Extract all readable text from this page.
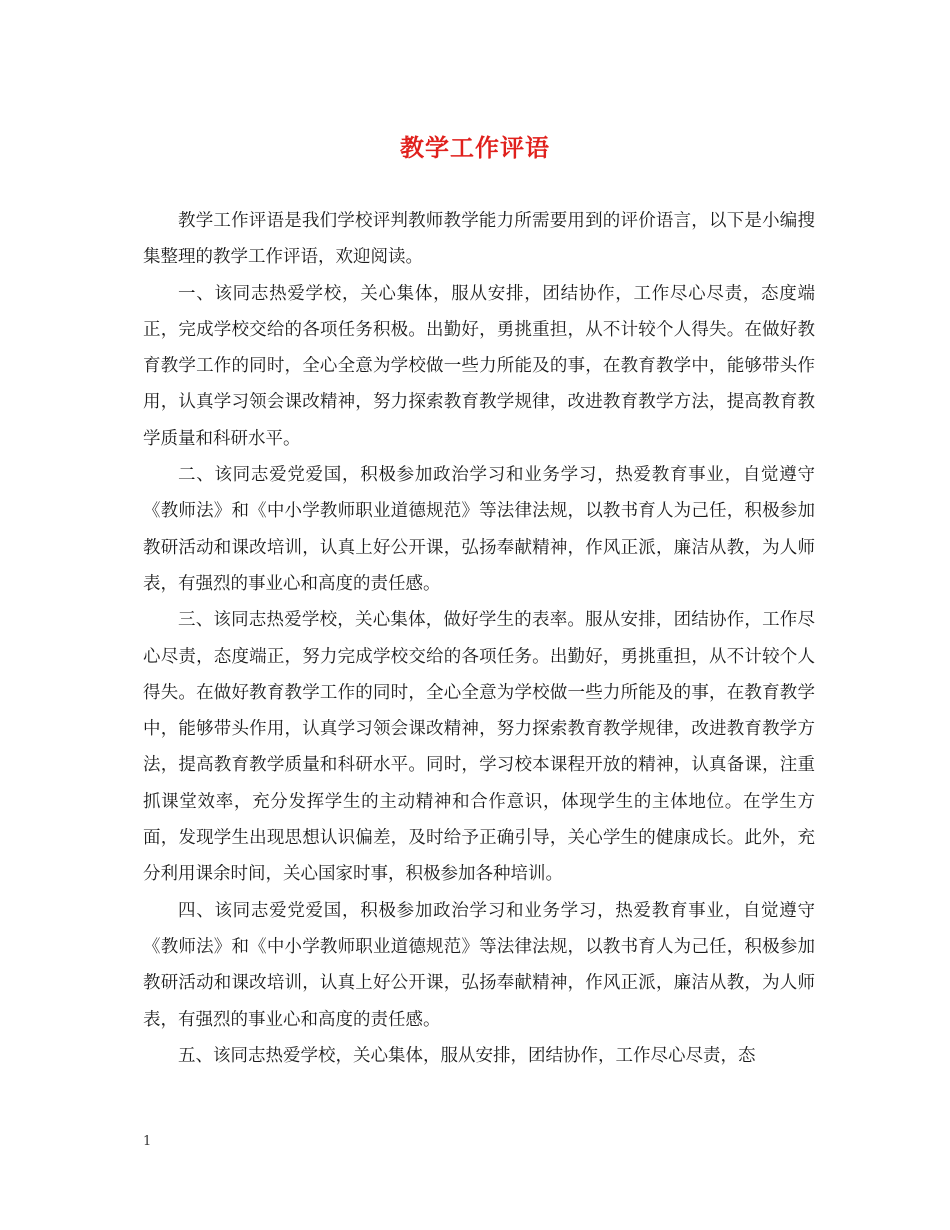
教学工作评语

教学工作评语是我们学校评判教师教学能力所需要用到的评价语言，以下是小编搜集整理的教学工作评语，欢迎阅读。

一、该同志热爱学校，关心集体，服从安排，团结协作，工作尽心尽责，态度端正，完成学校交给的各项任务积极。出勤好，勇挑重担，从不计较个人得失。在做好教育教学工作的同时，全心全意为学校做一些力所能及的事，在教育教学中，能够带头作用，认真学习领会课改精神，努力探索教育教学规律，改进教育教学方法，提高教育教学质量和科研水平。

二、该同志爱党爱国，积极参加政治学习和业务学习，热爱教育事业，自觉遵守《教师法》和《中小学教师职业道德规范》等法律法规，以教书育人为己任，积极参加教研活动和课改培训，认真上好公开课，弘扬奉献精神，作风正派，廉洁从教，为人师表，有强烈的事业心和高度的责任感。

三、该同志热爱学校，关心集体，做好学生的表率。服从安排，团结协作，工作尽心尽责，态度端正，努力完成学校交给的各项任务。出勤好，勇挑重担，从不计较个人得失。在做好教育教学工作的同时，全心全意为学校做一些力所能及的事，在教育教学中，能够带头作用，认真学习领会课改精神，努力探索教育教学规律，改进教育教学方法，提高教育教学质量和科研水平。同时，学习校本课程开放的精神，认真备课，注重抓课堂效率，充分发挥学生的主动精神和合作意识，体现学生的主体地位。在学生方面，发现学生出现思想认识偏差，及时给予正确引导，关心学生的健康成长。此外，充分利用课余时间，关心国家时事，积极参加各种培训。

四、该同志爱党爱国，积极参加政治学习和业务学习，热爱教育事业，自觉遵守《教师法》和《中小学教师职业道德规范》等法律法规，以教书育人为己任，积极参加教研活动和课改培训，认真上好公开课，弘扬奉献精神，作风正派，廉洁从教，为人师表，有强烈的事业心和高度的责任感。

五、该同志热爱学校，关心集体，服从安排，团结协作，工作尽心尽责，态

1
